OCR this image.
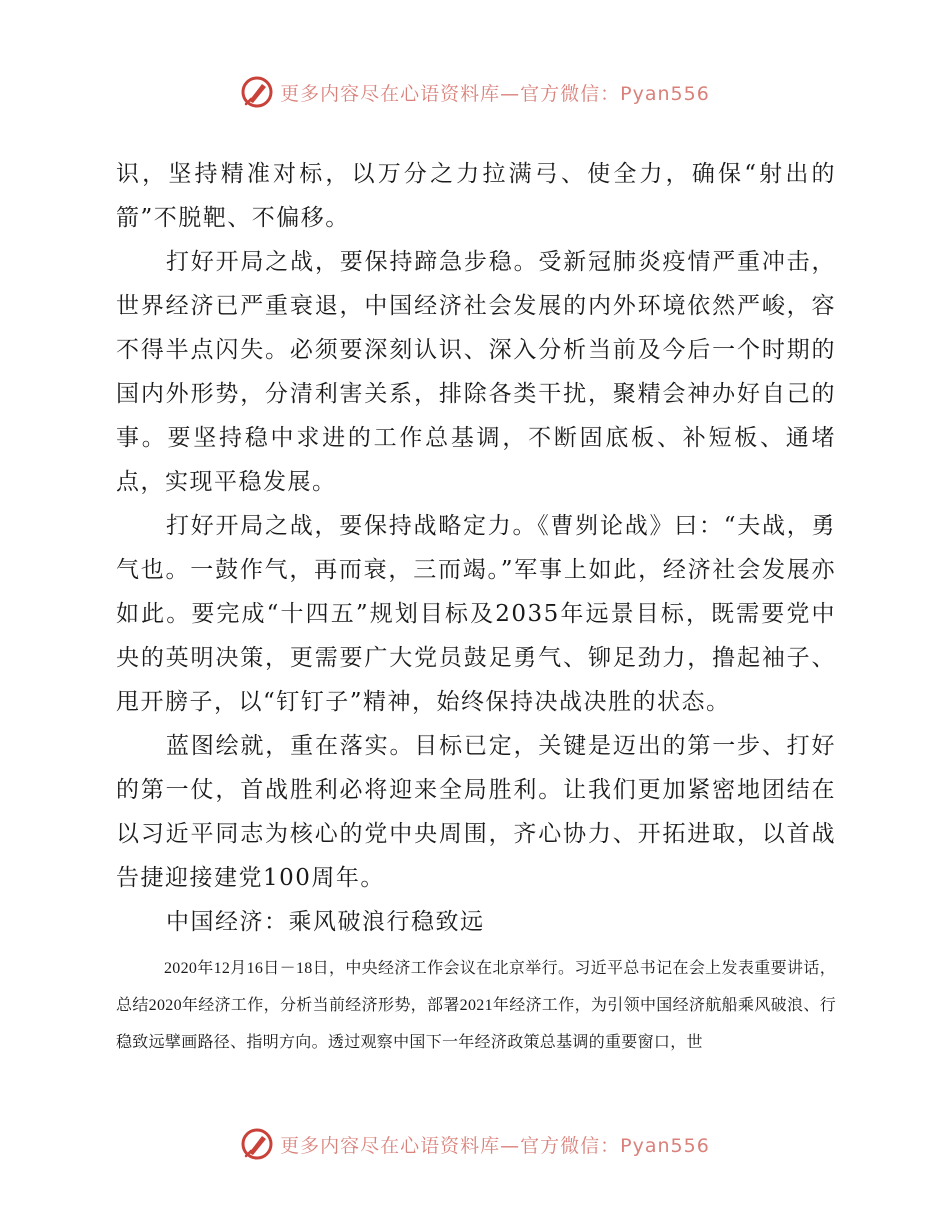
更多内容尽在心语资料库—官方微信：Pyan556

识，坚持精准对标，以万分之力拉满弓、使全力，确保“射出的箭”不脱靶、不偏移。

打好开局之战，要保持蹄急步稳。受新冠肺炎疫情严重冲击，世界经济已严重衰退，中国经济社会发展的内外环境依然严峻，容不得半点闪失。必须要深刻认识、深入分析当前及今后一个时期的国内外形势，分清利害关系，排除各类干扰，聚精会神办好自己的事。要坚持稳中求进的工作总基调，不断固底板、补短板、通堵点，实现平稳发展。

打好开局之战，要保持战略定力。《曹刿论战》曰：“夫战，勇气也。一鼓作气，再而衰，三而竭。”军事上如此，经济社会发展亦如此。要完成“十四五”规划目标及2035年远景目标，既需要党中央的英明决策，更需要广大党员鼓足勇气、铆足劲力，撸起袖子、甩开膀子，以“钉钉子”精神，始终保持决战决胜的状态。

蓝图绘就，重在落实。目标已定，关键是迈出的第一步、打好的第一仗，首战胜利必将迎来全局胜利。让我们更加紧密地团结在以习近平同志为核心的党中央周围，齐心协力、开拓进取，以首战告捷迎接建党100周年。

中国经济：乘风破浪行稳致远

2020年12月16日－18日，中央经济工作会议在北京举行。习近平总书记在会上发表重要讲话，总结2020年经济工作，分析当前经济形势，部署2021年经济工作，为引领中国经济航船乘风破浪、行稳致远擘画路径、指明方向。透过观察中国下一年经济政策总基调的重要窗口，世

更多内容尽在心语资料库—官方微信：Pyan556
